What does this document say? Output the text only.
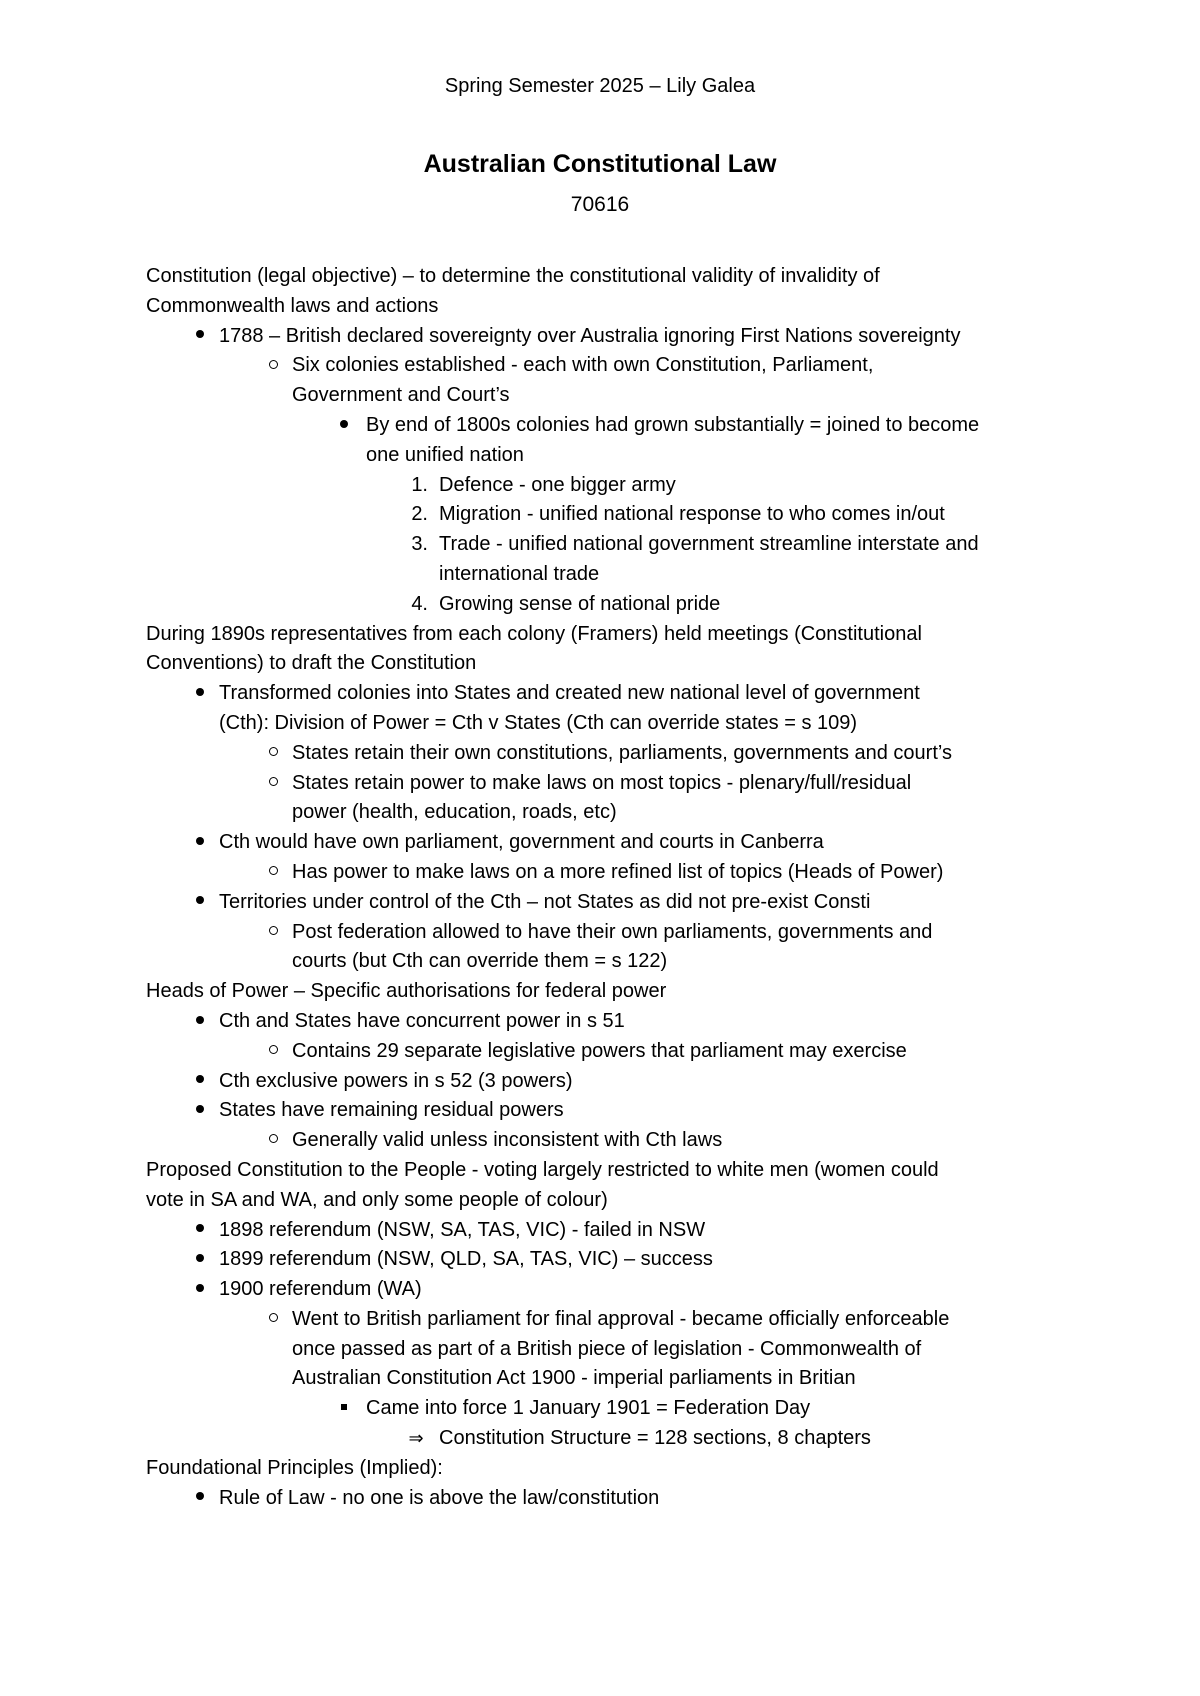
Spring Semester 2025 – Lily Galea
Australian Constitutional Law
70616
Constitution (legal objective) – to determine the constitutional validity of invalidity of
Commonwealth laws and actions
1788 – British declared sovereignty over Australia ignoring First Nations sovereignty
Six colonies established - each with own Constitution, Parliament,
Government and Court’s
By end of 1800s colonies had grown substantially = joined to become
one unified nation
1. Defence - one bigger army
2. Migration - unified national response to who comes in/out
3. Trade - unified national government streamline interstate and
international trade
4. Growing sense of national pride
During 1890s representatives from each colony (Framers) held meetings (Constitutional
Conventions) to draft the Constitution
Transformed colonies into States and created new national level of government
(Cth): Division of Power = Cth v States (Cth can override states = s 109)
States retain their own constitutions, parliaments, governments and court’s
States retain power to make laws on most topics - plenary/full/residual
power (health, education, roads, etc)
Cth would have own parliament, government and courts in Canberra
Has power to make laws on a more refined list of topics (Heads of Power)
Territories under control of the Cth – not States as did not pre-exist Consti
Post federation allowed to have their own parliaments, governments and
courts (but Cth can override them = s 122)
Heads of Power – Specific authorisations for federal power
Cth and States have concurrent power in s 51
Contains 29 separate legislative powers that parliament may exercise
Cth exclusive powers in s 52 (3 powers)
States have remaining residual powers
Generally valid unless inconsistent with Cth laws
Proposed Constitution to the People - voting largely restricted to white men (women could
vote in SA and WA, and only some people of colour)
1898 referendum (NSW, SA, TAS, VIC) - failed in NSW
1899 referendum (NSW, QLD, SA, TAS, VIC) – success
1900 referendum (WA)
Went to British parliament for final approval - became officially enforceable
once passed as part of a British piece of legislation - Commonwealth of
Australian Constitution Act 1900 - imperial parliaments in Britian
Came into force 1 January 1901 = Federation Day
⇒ Constitution Structure = 128 sections, 8 chapters
Foundational Principles (Implied):
Rule of Law - no one is above the law/constitution
